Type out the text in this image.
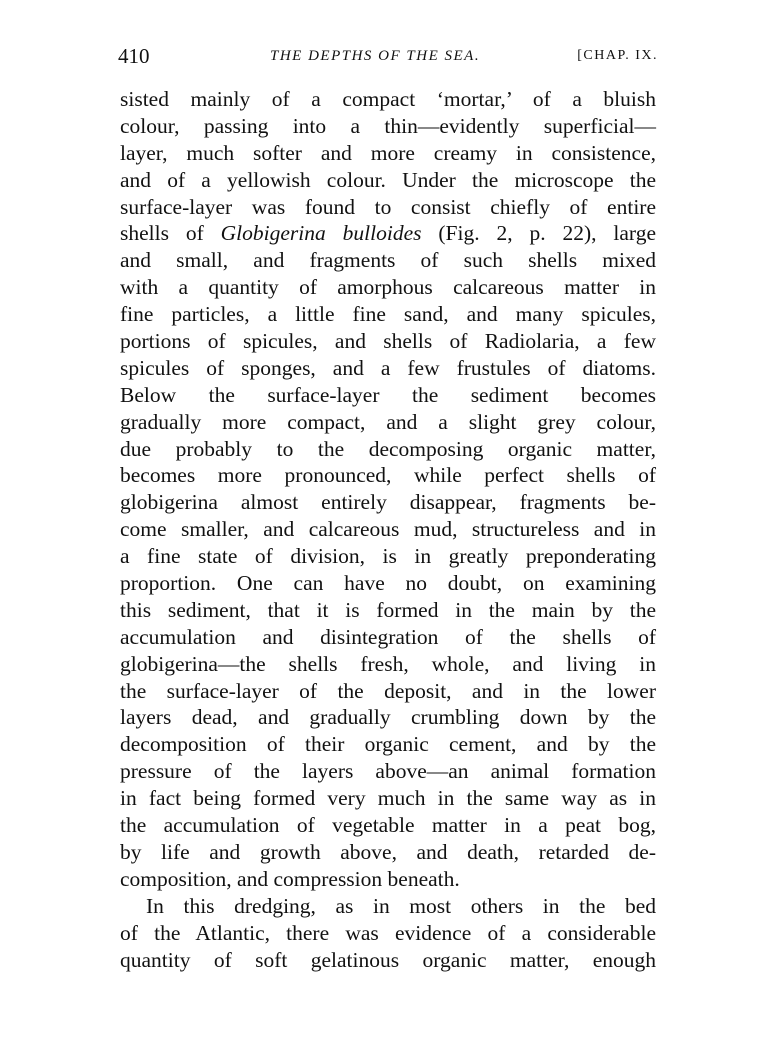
410	THE DEPTHS OF THE SEA.	[CHAP. IX.
sisted mainly of a compact ‘mortar,’ of a bluish
colour, passing into a thin—evidently superficial—
layer, much softer and more creamy in consistence,
and of a yellowish colour. Under the microscope the
surface-layer was found to consist chiefly of entire
shells of Globigerina bulloides (Fig. 2, p. 22), large
and small, and fragments of such shells mixed
with a quantity of amorphous calcareous matter in
fine particles, a little fine sand, and many spicules,
portions of spicules, and shells of Radiolaria, a few
spicules of sponges, and a few frustules of diatoms.
Below the surface-layer the sediment becomes
gradually more compact, and a slight grey colour,
due probably to the decomposing organic matter,
becomes more pronounced, while perfect shells of
globigerina almost entirely disappear, fragments be-
come smaller, and calcareous mud, structureless and in
a fine state of division, is in greatly preponderating
proportion. One can have no doubt, on examining
this sediment, that it is formed in the main by the
accumulation and disintegration of the shells of
globigerina—the shells fresh, whole, and living in
the surface-layer of the deposit, and in the lower
layers dead, and gradually crumbling down by the
decomposition of their organic cement, and by the
pressure of the layers above—an animal formation
in fact being formed very much in the same way as in
the accumulation of vegetable matter in a peat bog,
by life and growth above, and death, retarded de-
composition, and compression beneath.
In this dredging, as in most others in the bed
of the Atlantic, there was evidence of a considerable
quantity of soft gelatinous organic matter, enough
